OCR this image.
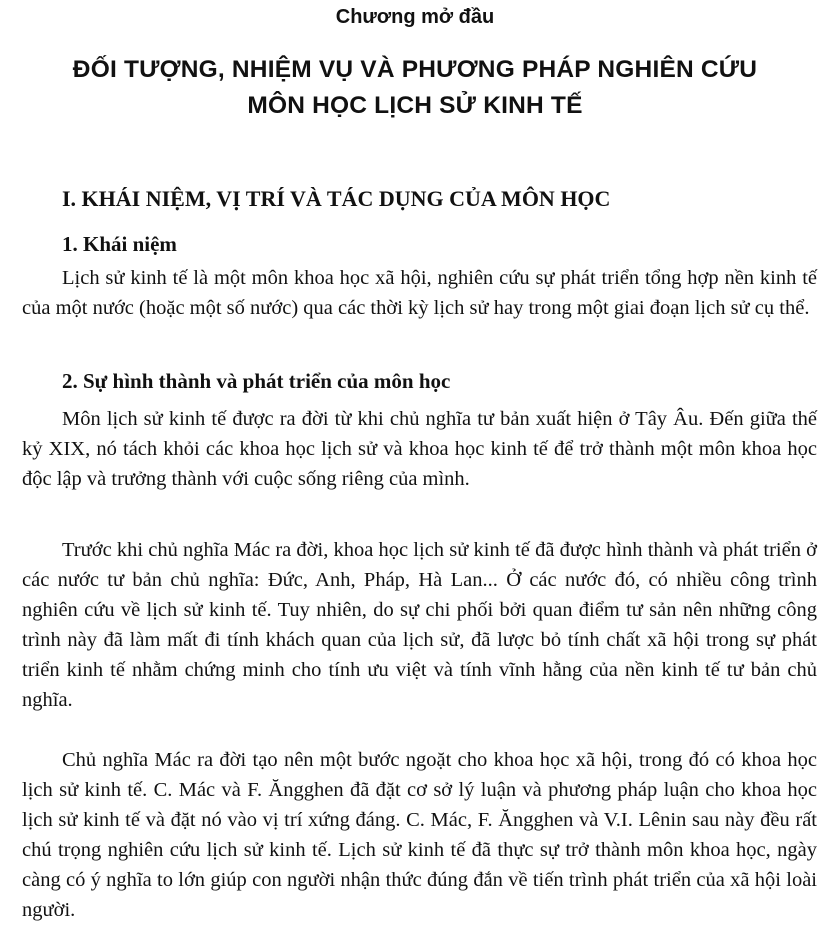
Chương mở đầu
ĐỐI TƯỢNG, NHIỆM VỤ VÀ PHƯƠNG PHÁP NGHIÊN CỨU
MÔN HỌC LỊCH SỬ KINH TẾ
I. KHÁI NIỆM, VỊ TRÍ VÀ TÁC DỤNG CỦA MÔN HỌC
1. Khái niệm

Lịch sử kinh tế là một môn khoa học xã hội, nghiên cứu sự phát triển tổng hợp nền kinh tế của một nước (hoặc một số nước) qua các thời kỳ lịch sử hay trong một giai đoạn lịch sử cụ thể.

2. Sự hình thành và phát triển của môn học

Môn lịch sử kinh tế được ra đời từ khi chủ nghĩa tư bản xuất hiện ở Tây Âu. Đến giữa thế kỷ XIX, nó tách khỏi các khoa học lịch sử và khoa học kinh tế để trở thành một môn khoa học độc lập và trưởng thành với cuộc sống riêng của mình.

Trước khi chủ nghĩa Mác ra đời, khoa học lịch sử kinh tế đã được hình thành và phát triển ở các nước tư bản chủ nghĩa: Đức, Anh, Pháp, Hà Lan... Ở các nước đó, có nhiều công trình nghiên cứu về lịch sử kinh tế. Tuy nhiên, do sự chi phối bởi quan điểm tư sản nên những công trình này đã làm mất đi tính khách quan của lịch sử, đã lược bỏ tính chất xã hội trong sự phát triển kinh tế nhằm chứng minh cho tính ưu việt và tính vĩnh hằng của nền kinh tế tư bản chủ nghĩa.

Chủ nghĩa Mác ra đời tạo nên một bước ngoặt cho khoa học xã hội, trong đó có khoa học lịch sử kinh tế. C. Mác và F. Ăngghen đã đặt cơ sở lý luận và phương pháp luận cho khoa học lịch sử kinh tế và đặt nó vào vị trí xứng đáng. C. Mác, F. Ăngghen và V.I. Lênin sau này đều rất chú trọng nghiên cứu lịch sử kinh tế. Lịch sử kinh tế đã thực sự trở thành môn khoa học, ngày càng có ý nghĩa to lớn giúp con người nhận thức đúng đắn về tiến trình phát triển của xã hội loài người.
